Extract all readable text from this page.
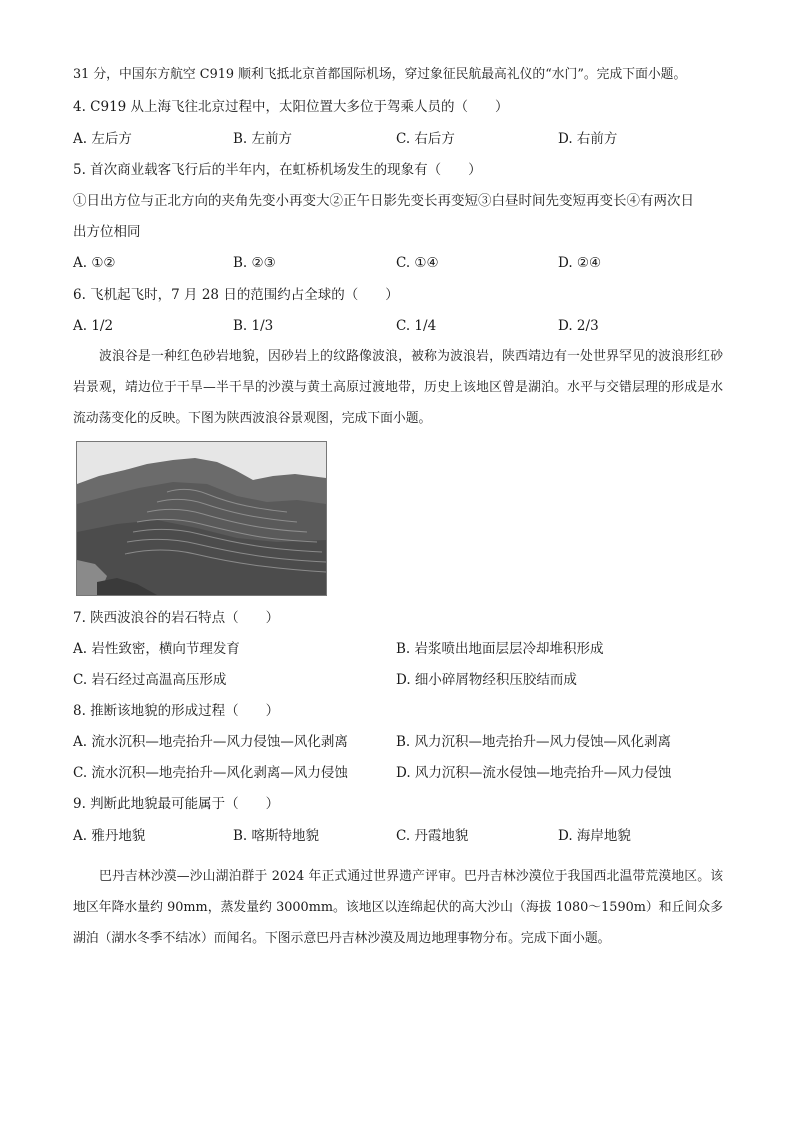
31 分，中国东方航空 C919 顺利飞抵北京首都国际机场，穿过象征民航最高礼仪的“水门”。完成下面小题。
4. C919 从上海飞往北京过程中，太阳位置大多位于驾乘人员的（　　）
A. 左后方	B. 左前方	C. 右后方	D. 右前方
5. 首次商业载客飞行后的半年内，在虹桥机场发生的现象有（　　）
①日出方位与正北方向的夹角先变小再变大②正午日影先变长再变短③白昼时间先变短再变长④有两次日
出方位相同
A. ①②	B. ②③	C. ①④	D. ②④
6. 飞机起飞时，7 月 28 日的范围约占全球的（　　）
A. 1/2	B. 1/3	C. 1/4	D. 2/3
波浪谷是一种红色砂岩地貌，因砂岩上的纹路像波浪，被称为波浪岩，陕西靖边有一处世界罕见的波浪形红砂岩景观，靖边位于干旱—半干旱的沙漠与黄土高原过渡地带，历史上该地区曾是湖泊。水平与交错层理的形成是水流动荡变化的反映。下图为陕西波浪谷景观图，完成下面小题。
7. 陕西波浪谷的岩石特点（　　）
A. 岩性致密，横向节理发育	B. 岩浆喷出地面层层冷却堆积形成
C. 岩石经过高温高压形成	D. 细小碎屑物经积压胶结而成
8. 推断该地貌的形成过程（　　）
A. 流水沉积—地壳抬升—风力侵蚀—风化剥离	B. 风力沉积—地壳抬升—风力侵蚀—风化剥离
C. 流水沉积—地壳抬升—风化剥离—风力侵蚀	D. 风力沉积—流水侵蚀—地壳抬升—风力侵蚀
9. 判断此地貌最可能属于（　　）
A. 雅丹地貌	B. 喀斯特地貌	C. 丹霞地貌	D. 海岸地貌
巴丹吉林沙漠—沙山湖泊群于 2024 年正式通过世界遗产评审。巴丹吉林沙漠位于我国西北温带荒漠地区。该地区年降水量约 90mm，蒸发量约 3000mm。该地区以连绵起伏的高大沙山（海拔 1080～1590m）和丘间众多湖泊（湖水冬季不结冰）而闻名。下图示意巴丹吉林沙漠及周边地理事物分布。完成下面小题。
